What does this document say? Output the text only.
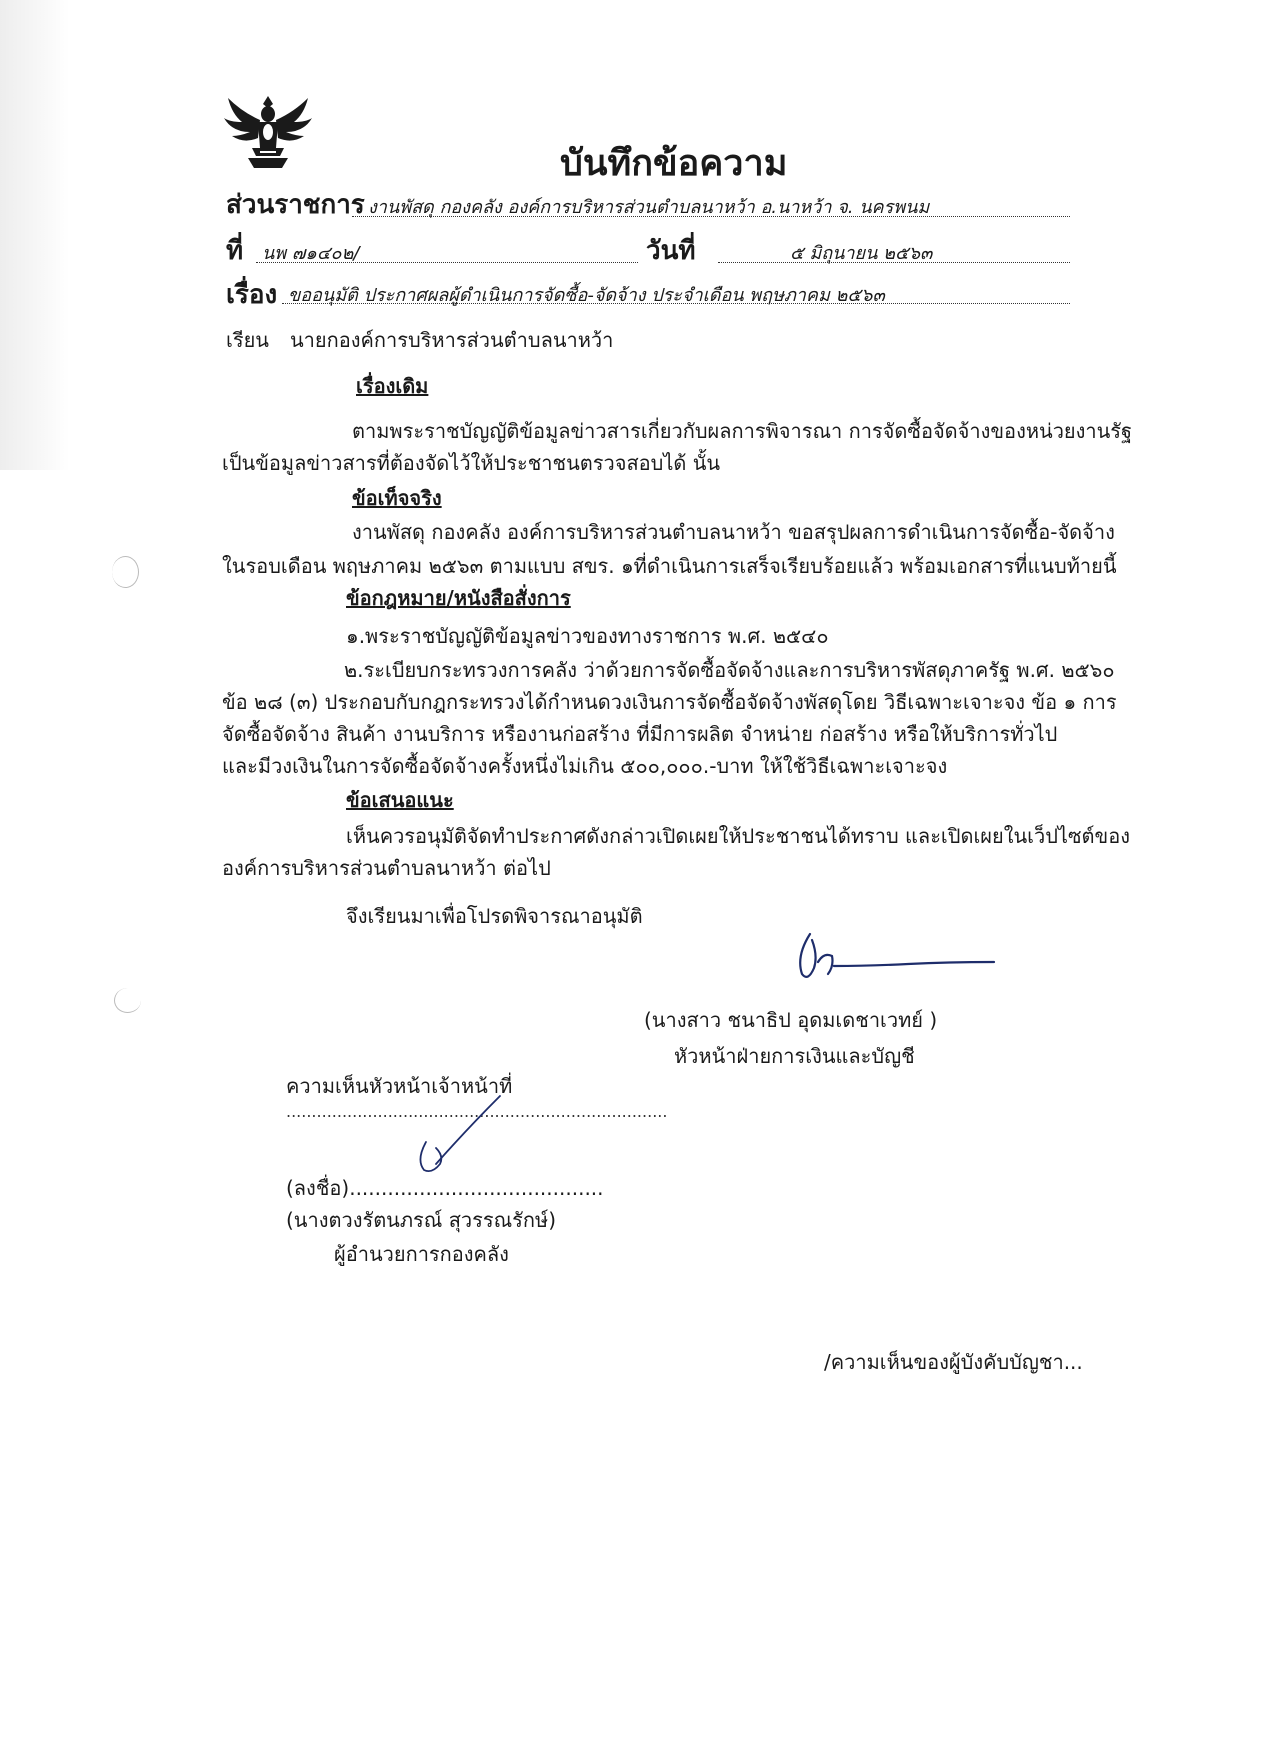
บันทึกข้อความ
ส่วนราชการ งานพัสดุ กองคลัง องค์การบริหารส่วนตำบลนาหว้า อ.นาหว้า จ. นครพนม
ที่ นพ ๗๑๔๐๒/	วันที่	๕ มิถุนายน ๒๕๖๓
เรื่อง ขออนุมัติ ประกาศผลผู้ดำเนินการจัดซื้อ-จัดจ้าง ประจำเดือน พฤษภาคม ๒๕๖๓
เรียน นายกองค์การบริหารส่วนตำบลนาหว้า
เรื่องเดิม
ตามพระราชบัญญัติข้อมูลข่าวสารเกี่ยวกับผลการพิจารณา การจัดซื้อจัดจ้างของหน่วยงานรัฐ
เป็นข้อมูลข่าวสารที่ต้องจัดไว้ให้ประชาชนตรวจสอบได้ นั้น
ข้อเท็จจริง
งานพัสดุ กองคลัง องค์การบริหารส่วนตำบลนาหว้า ขอสรุปผลการดำเนินการจัดซื้อ-จัดจ้าง
ในรอบเดือน พฤษภาคม ๒๕๖๓ ตามแบบ สขร. ๑ที่ดำเนินการเสร็จเรียบร้อยแล้ว พร้อมเอกสารที่แนบท้ายนี้
ข้อกฎหมาย/หนังสือสั่งการ
๑.พระราชบัญญัติข้อมูลข่าวของทางราชการ พ.ศ. ๒๕๔๐
๒.ระเบียบกระทรวงการคลัง ว่าด้วยการจัดซื้อจัดจ้างและการบริหารพัสดุภาครัฐ พ.ศ. ๒๕๖๐
ข้อ ๒๘ (๓) ประกอบกับกฎกระทรวงได้กำหนดวงเงินการจัดซื้อจัดจ้างพัสดุโดย วิธีเฉพาะเจาะจง ข้อ ๑ การ
จัดซื้อจัดจ้าง สินค้า งานบริการ หรืองานก่อสร้าง ที่มีการผลิต จำหน่าย ก่อสร้าง หรือให้บริการทั่วไป
และมีวงเงินในการจัดซื้อจัดจ้างครั้งหนึ่งไม่เกิน ๕๐๐,๐๐๐.-บาท ให้ใช้วิธีเฉพาะเจาะจง
ข้อเสนอแนะ
เห็นควรอนุมัติจัดทำประกาศดังกล่าวเปิดเผยให้ประชาชนได้ทราบ และเปิดเผยในเว็ปไซต์ของ
องค์การบริหารส่วนตำบลนาหว้า ต่อไป
จึงเรียนมาเพื่อโปรดพิจารณาอนุมัติ
(นางสาว ชนาธิป อุดมเดชาเวทย์ )
หัวหน้าฝ่ายการเงินและบัญชี
ความเห็นหัวหน้าเจ้าหน้าที่
...........................................................................
(ลงชื่อ)........................................
(นางตวงรัตนภรณ์ สุวรรณรักษ์)
ผู้อำนวยการกองคลัง
/ความเห็นของผู้บังคับบัญชา...
